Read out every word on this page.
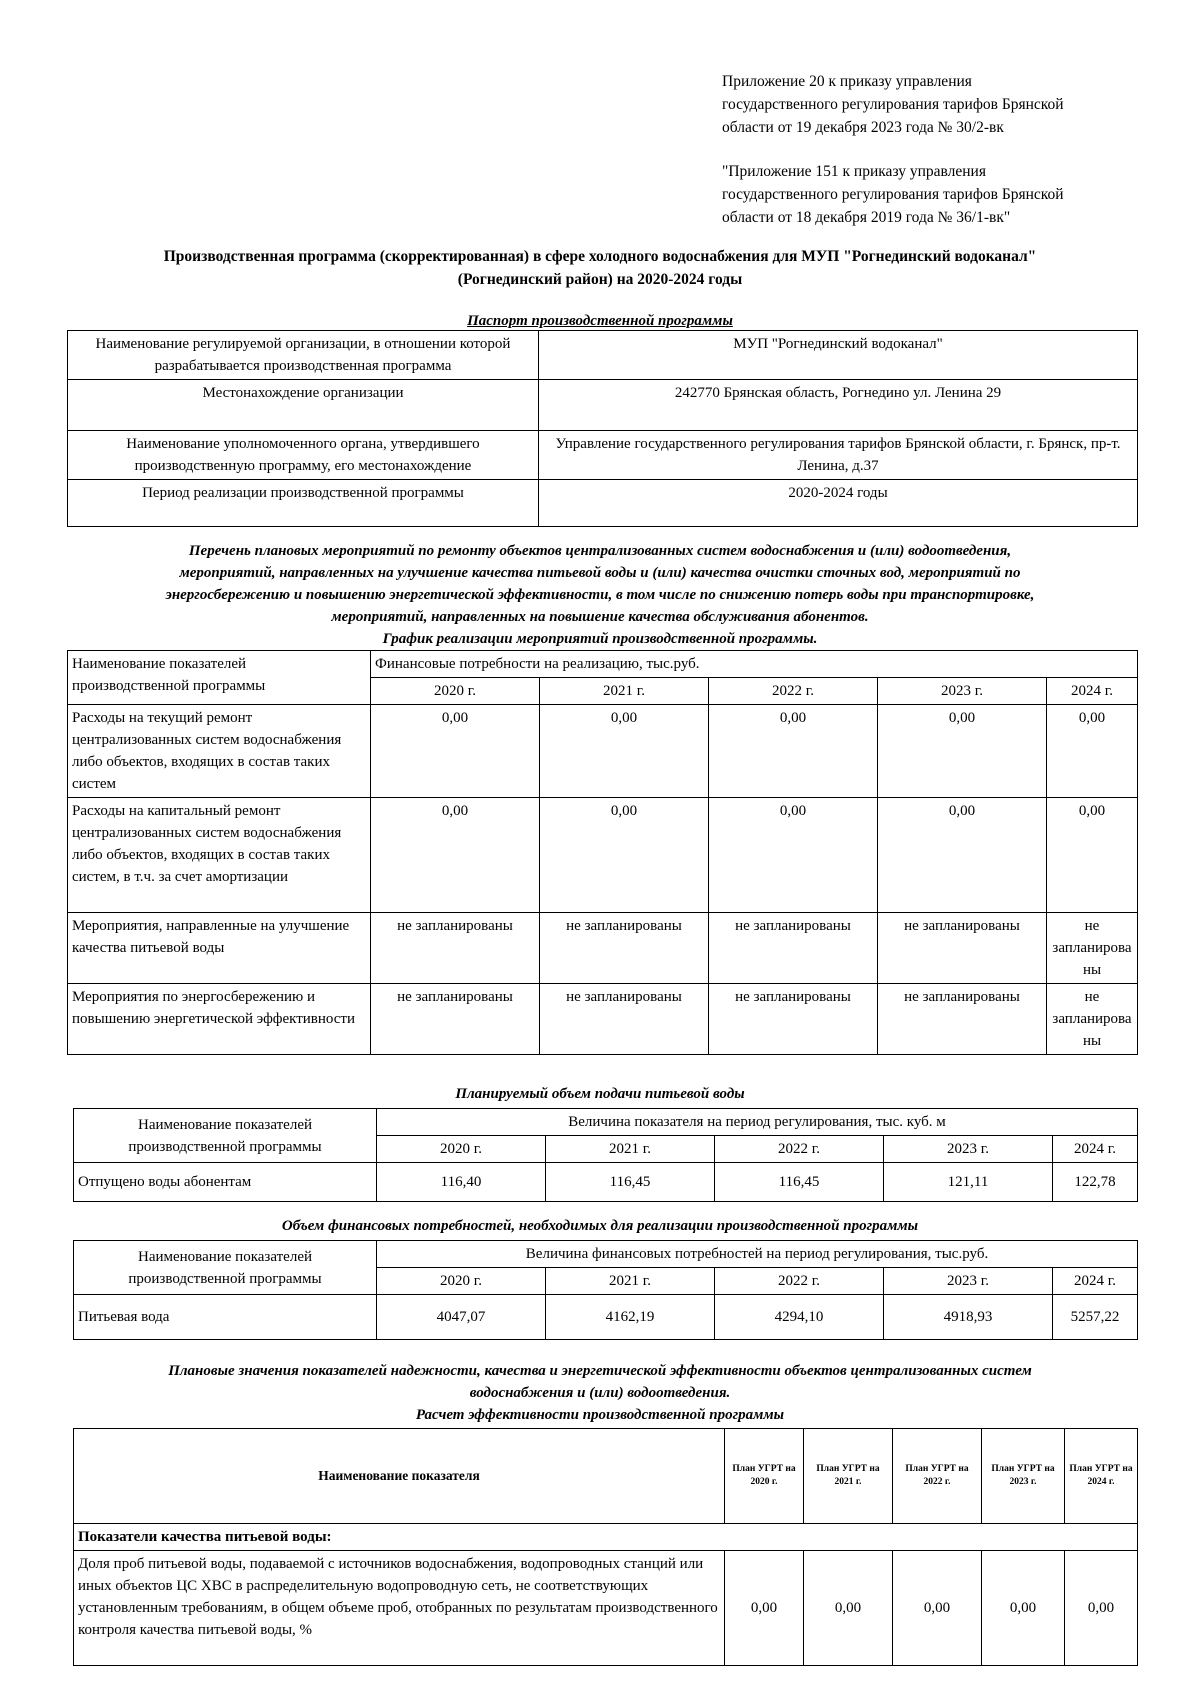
Приложение 20 к приказу управления

государственного регулирования тарифов Брянской

области от 19 декабря 2023 года № 30/2-вк

"Приложение 151 к приказу управления

государственного регулирования тарифов Брянской

области от 18 декабря 2019 года № 36/1-вк"

Производственная программа (скорректированная) в сфере холодного водоснабжения для МУП "Рогнединский водоканал"
(Рогнединский район) на 2020-2024 годы
Паспорт производственной программы
Наименование регулируемой организации, в отношении которой разрабатывается производственная программа	МУП "Рогнединский водоканал"
Местонахождение организации	242770 Брянская область, Рогнедино ул. Ленина 29
Наименование уполномоченного органа, утвердившего производственную программу, его местонахождение	Управление государственного регулирования тарифов Брянской области, г. Брянск, пр-т. Ленина, д.37
Период реализации производственной программы	2020-2024 годы
Перечень плановых мероприятий по ремонту объектов централизованных систем водоснабжения и (или) водоотведения,
мероприятий, направленных на улучшение качества питьевой воды и (или) качества очистки сточных вод, мероприятий по
энергосбережению и повышению энергетической эффективности, в том числе по снижению потерь воды при транспортировке,
мероприятий, направленных на повышение качества обслуживания абонентов.
График реализации мероприятий производственной программы.
Наименование показателей производственной программы	Финансовые потребности на реализацию, тыс.руб.				
	2020 г.	2021 г.	2022 г.	2023 г.	2024 г.
Расходы на текущий ремонт централизованных систем водоснабжения либо объектов, входящих в состав таких систем	0,00	0,00	0,00	0,00	0,00
Расходы на капитальный ремонт централизованных систем водоснабжения либо объектов, входящих в состав таких систем, в т.ч. за счет амортизации	0,00	0,00	0,00	0,00	0,00
Мероприятия, направленные на улучшение качества питьевой воды	не запланированы	не запланированы	не запланированы	не запланированы	не запланирова ны
Мероприятия по энергосбережению и повышению энергетической эффективности	не запланированы	не запланированы	не запланированы	не запланированы	не запланирова ны
Планируемый объем подачи питьевой воды
Наименование показателей производственной программы	Величина показателя на период регулирования, тыс. куб. м				
	2020 г.	2021 г.	2022 г.	2023 г.	2024 г.
Отпущено воды абонентам	116,40	116,45	116,45	121,11	122,78
Объем финансовых потребностей, необходимых для реализации производственной программы
Наименование показателей производственной программы	Величина финансовых потребностей на период регулирования, тыс.руб.				
	2020 г.	2021 г.	2022 г.	2023 г.	2024 г.
Питьевая вода	4047,07	4162,19	4294,10	4918,93	5257,22
Плановые значения показателей надежности, качества и энергетической эффективности объектов централизованных систем
водоснабжения и (или) водоотведения.
Расчет эффективности производственной программы
Наименование показателя	План УГРТ на 2020 г.	План УГРТ на 2021 г.	План УГРТ на 2022 г.	План УГРТ на 2023 г.	План УГРТ на 2024 г.
Показатели качества питьевой воды:					
Доля проб питьевой воды, подаваемой с источников водоснабжения, водопроводных станций или иных объектов ЦС ХВС в распределительную водопроводную сеть, не соответствующих установленным требованиям, в общем объеме проб, отобранных по результатам производственного контроля качества питьевой воды, %	0,00	0,00	0,00	0,00	0,00
